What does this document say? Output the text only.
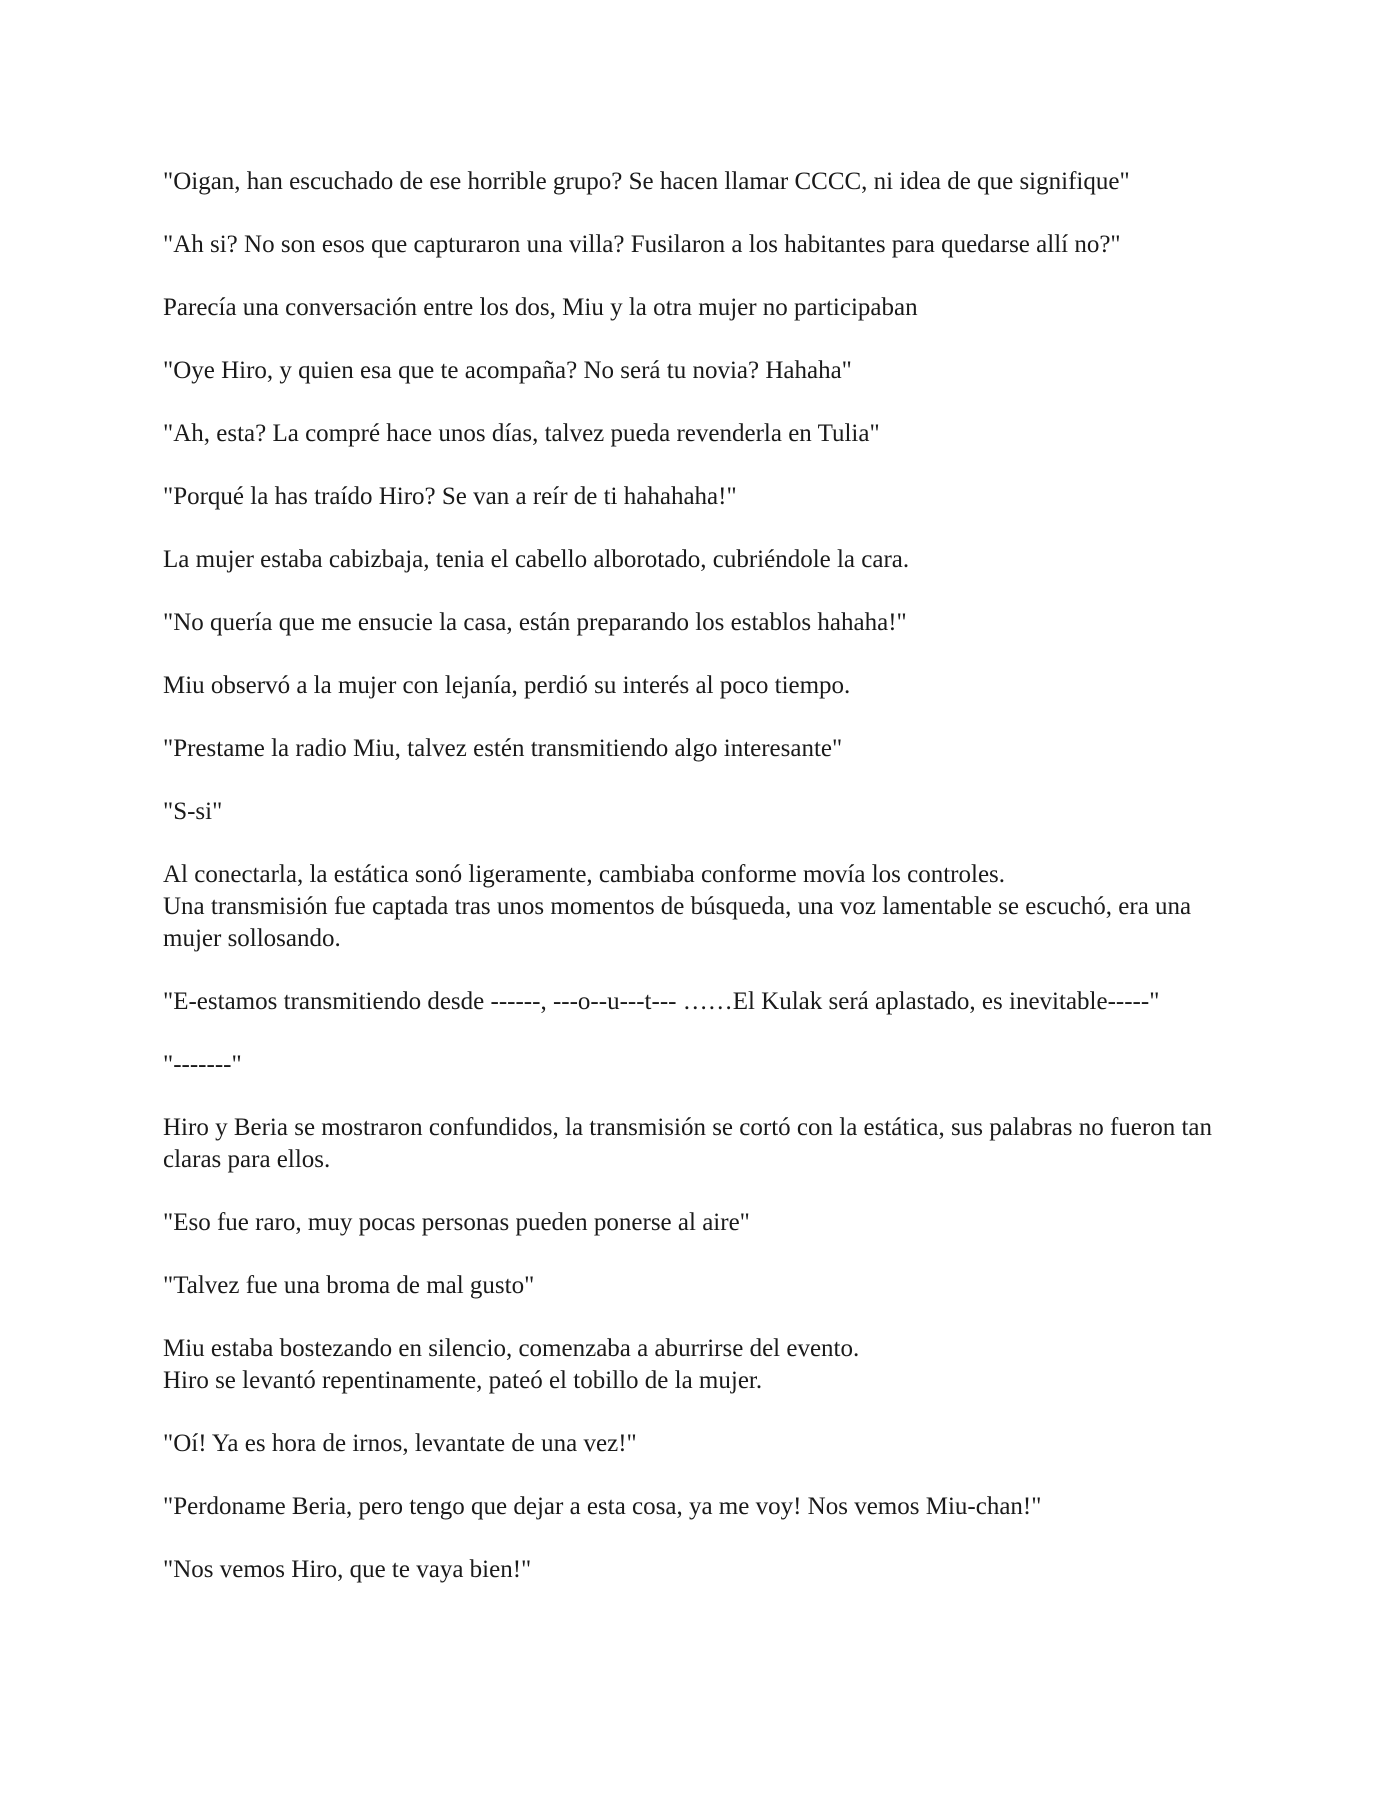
"Oigan, han escuchado de ese horrible grupo? Se hacen llamar CCCC, ni idea de que signifique"

"Ah si? No son esos que capturaron una villa? Fusilaron a los habitantes para quedarse allí no?"

Parecía una conversación entre los dos, Miu y la otra mujer no participaban

"Oye Hiro, y quien esa que te acompaña? No será tu novia? Hahaha"

"Ah, esta? La compré hace unos días, talvez pueda revenderla en Tulia"

"Porqué la has traído Hiro? Se van a reír de ti hahahaha!"

La mujer estaba cabizbaja, tenia el cabello alborotado, cubriéndole la cara.

"No quería que me ensucie la casa, están preparando los establos hahaha!"

Miu observó a la mujer con lejanía, perdió su interés al poco tiempo.

"Prestame la radio Miu, talvez estén transmitiendo algo interesante"

"S-si"

Al conectarla, la estática sonó ligeramente, cambiaba conforme movía los controles.
Una transmisión fue captada tras unos momentos de búsqueda, una voz lamentable se escuchó, era una mujer sollosando.

"E-estamos transmitiendo desde ------, ---o--u---t--- ……El Kulak será aplastado, es inevitable-----"

"-------"

Hiro y Beria se mostraron confundidos, la transmisión se cortó con la estática, sus palabras no fueron tan claras para ellos.

"Eso fue raro, muy pocas personas pueden ponerse al aire"

"Talvez fue una broma de mal gusto"

Miu estaba bostezando en silencio, comenzaba a aburrirse del evento.
Hiro se levantó repentinamente, pateó el tobillo de la mujer.

"Oí! Ya es hora de irnos, levantate de una vez!"

"Perdoname Beria, pero tengo que dejar a esta cosa, ya me voy! Nos vemos Miu-chan!"

"Nos vemos Hiro, que te vaya bien!"
